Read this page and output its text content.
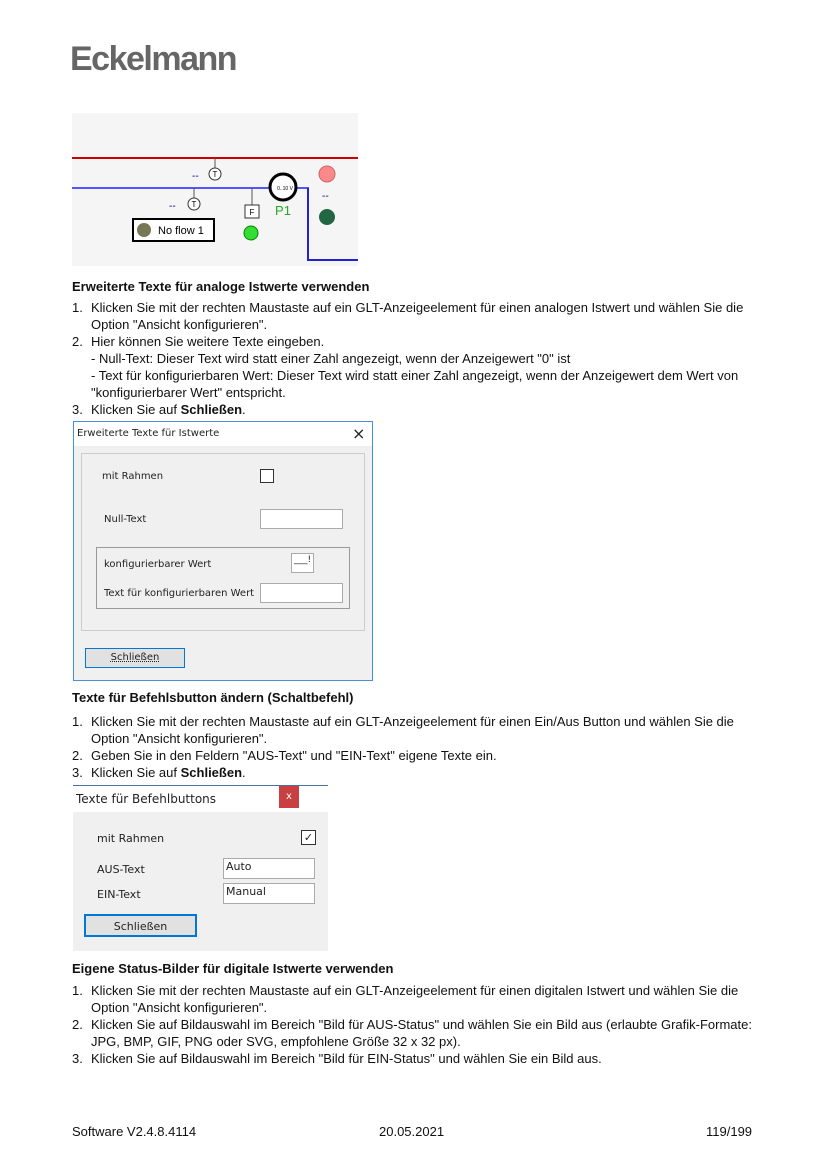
Eckelmann
T
--
T
--
F
0..10 V
P1
--
No flow 1
Erweiterte Texte für analoge Istwerte verwenden
1. Klicken Sie mit der rechten Maustaste auf ein GLT-Anzeigeelement für einen analogen Istwert und wählen Sie die Option "Ansicht konfigurieren".
2. Hier können Sie weitere Texte eingeben.
- Null-Text: Dieser Text wird statt einer Zahl angezeigt, wenn der Anzeigewert "0" ist
- Text für konfigurierbaren Wert: Dieser Text wird statt einer Zahl angezeigt, wenn der Anzeigewert dem Wert von "konfigurierbarer Wert" entspricht.
3. Klicken Sie auf Schließen.
Erweiterte Texte für Istwerte	×
mit Rahmen
Null-Text
konfigurierbarer Wert	___!
Text für konfigurierbaren Wert
Schließen
Texte für Befehlsbutton ändern (Schaltbefehl)
1. Klicken Sie mit der rechten Maustaste auf ein GLT-Anzeigeelement für einen Ein/Aus Button und wählen Sie die Option "Ansicht konfigurieren".
2. Geben Sie in den Feldern "AUS-Text" und "EIN-Text" eigene Texte ein.
3. Klicken Sie auf Schließen.
Texte für Befehlbuttons	x
mit Rahmen	✓
AUS-Text	Auto
EIN-Text	Manual
Schließen
Eigene Status-Bilder für digitale Istwerte verwenden
1. Klicken Sie mit der rechten Maustaste auf ein GLT-Anzeigeelement für einen digitalen Istwert und wählen Sie die Option "Ansicht konfigurieren".
2. Klicken Sie auf Bildauswahl im Bereich "Bild für AUS-Status" und wählen Sie ein Bild aus (erlaubte Grafik-Formate: JPG, BMP, GIF, PNG oder SVG, empfohlene Größe 32 x 32 px).
3. Klicken Sie auf Bildauswahl im Bereich "Bild für EIN-Status" und wählen Sie ein Bild aus.
Software V2.4.8.4114	20.05.2021	119/199
